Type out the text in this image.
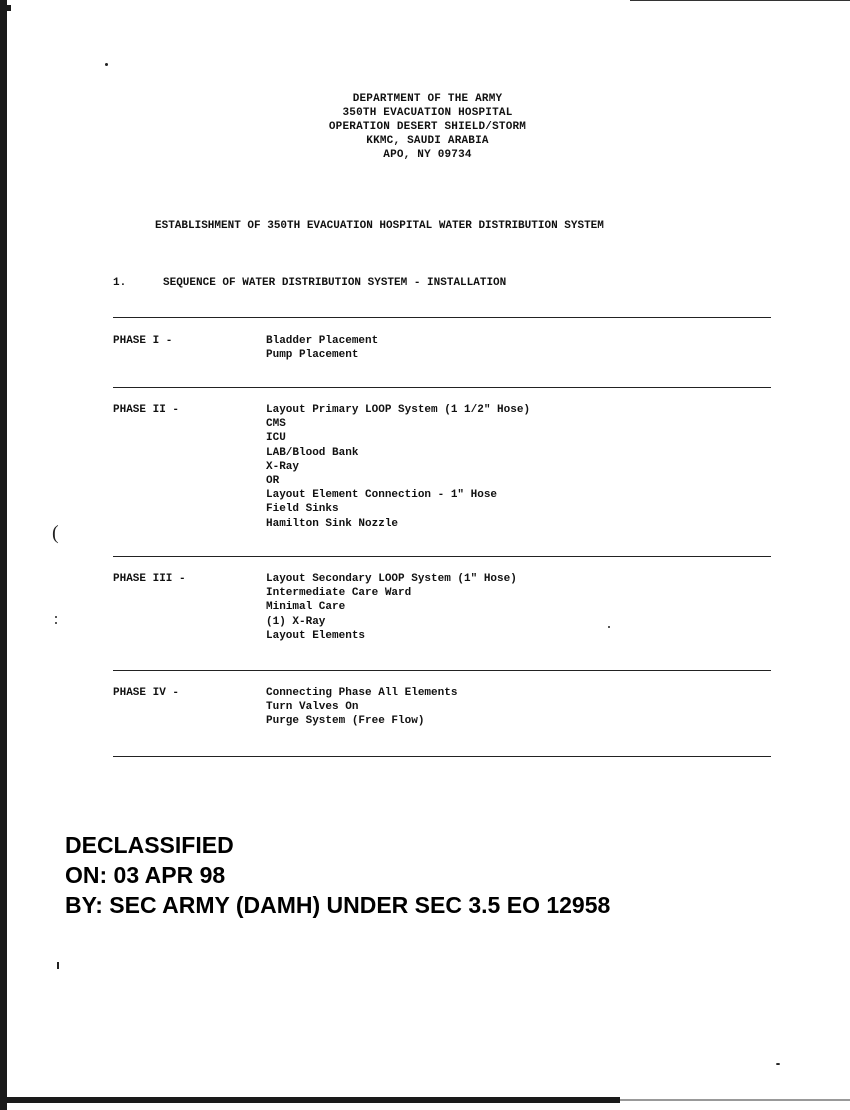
(
DEPARTMENT OF THE ARMY
350TH EVACUATION HOSPITAL
OPERATION DESERT SHIELD/STORM
KKMC, SAUDI ARABIA
APO, NY 09734
ESTABLISHMENT OF 350TH EVACUATION HOSPITAL WATER DISTRIBUTION SYSTEM
1.	SEQUENCE OF WATER DISTRIBUTION SYSTEM - INSTALLATION
PHASE I -	Bladder Placement
Pump Placement
PHASE II -	Layout Primary LOOP System (1 1/2" Hose)
CMS
ICU
LAB/Blood Bank
X-Ray
OR
Layout Element Connection - 1" Hose
Field Sinks
Hamilton Sink Nozzle
PHASE III -	Layout Secondary LOOP System (1" Hose)
Intermediate Care Ward
Minimal Care
(1) X-Ray
Layout Elements
PHASE IV -	Connecting Phase All Elements
Turn Valves On
Purge System (Free Flow)
DECLASSIFIED
ON: 03 APR 98
BY: SEC ARMY (DAMH) UNDER SEC 3.5 EO 12958
